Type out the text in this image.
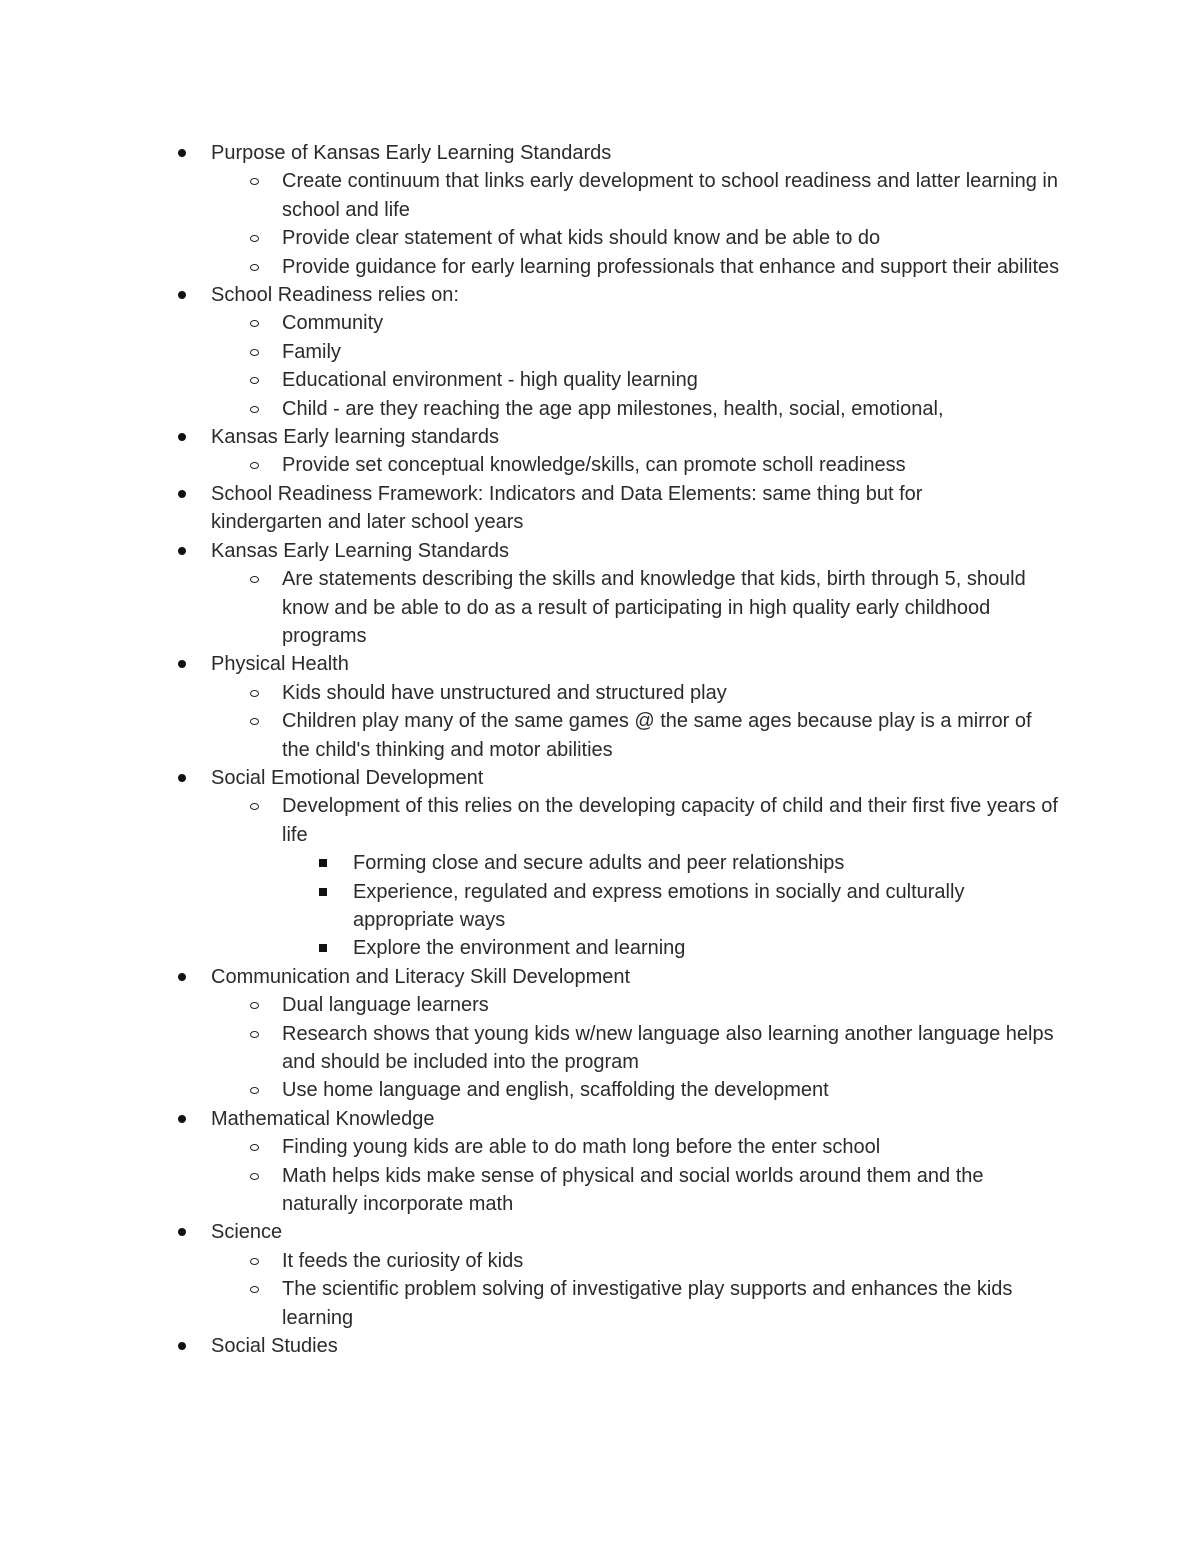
Purpose of Kansas Early Learning Standards
Create continuum that links early development to school readiness and latter learning in school and life
Provide clear statement of what kids should know and be able to do
Provide guidance for early learning professionals that enhance and support their abilites
School Readiness relies on:
Community
Family
Educational environment - high quality learning
Child - are they reaching the age app milestones, health, social, emotional,
Kansas Early learning standards
Provide set conceptual knowledge/skills, can promote scholl readiness
School Readiness Framework: Indicators and Data Elements: same thing but for kindergarten and later school years
Kansas Early Learning Standards
Are statements describing the skills and knowledge that kids, birth through 5, should know and be able to do as a result of participating in high quality early childhood programs
Physical Health
Kids should have unstructured and structured play
Children play many of the same games @ the same ages because play is a mirror of the child's thinking and motor abilities
Social Emotional Development
Development of this relies on the developing capacity of child and their first five years of life
Forming close and secure adults and peer relationships
Experience, regulated and express emotions in socially and culturally appropriate ways
Explore the environment and learning
Communication and Literacy Skill Development
Dual language learners
Research shows that young kids w/new language also learning another language helps and should be included into the program
Use home language and english, scaffolding the development
Mathematical Knowledge
Finding young kids are able to do math long before the enter school
Math helps kids make sense of physical and social worlds around them and the naturally incorporate math
Science
It feeds the curiosity of kids
The scientific problem solving of investigative play supports and enhances the kids learning
Social Studies
